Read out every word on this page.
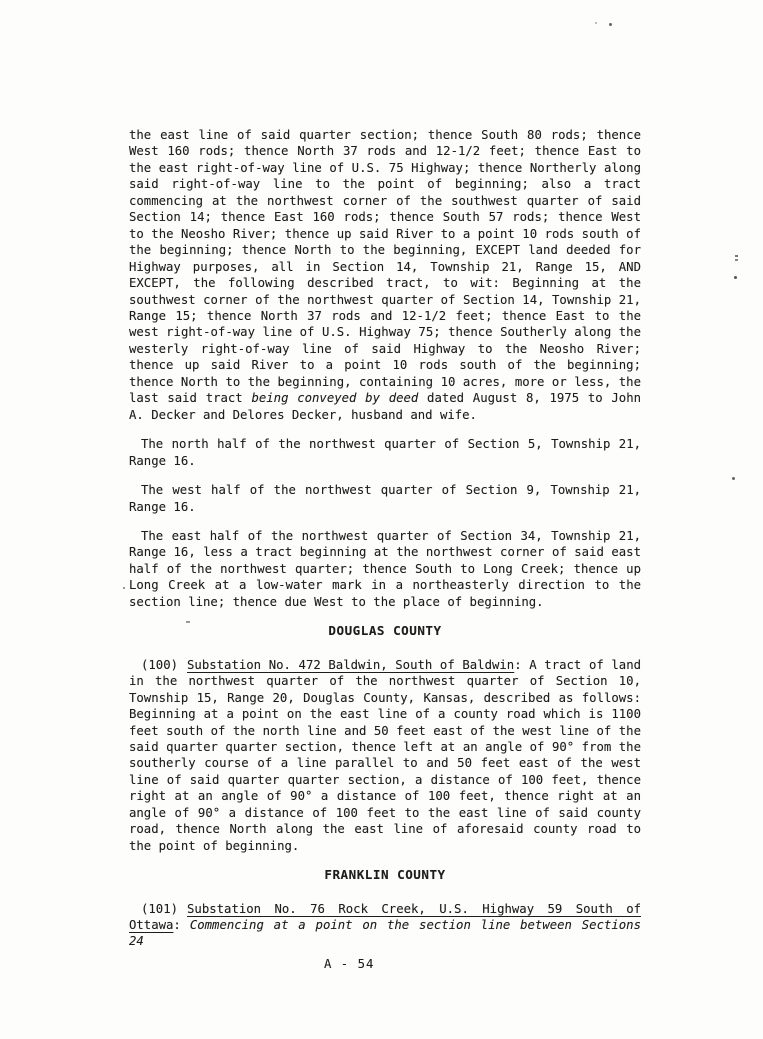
the east line of said quarter section; thence South 80 rods; thence West 160 rods; thence North 37 rods and 12-1/2 feet; thence East to the east right-of-way line of U.S. 75 Highway; thence Northerly along said right-of-way line to the point of beginning; also a tract commencing at the northwest corner of the southwest quarter of said Section 14; thence East 160 rods; thence South 57 rods; thence West to the Neosho River; thence up said River to a point 10 rods south of the beginning; thence North to the beginning, EXCEPT land deeded for Highway purposes, all in Section 14, Township 21, Range 15, AND EXCEPT, the following described tract, to wit: Beginning at the southwest corner of the northwest quarter of Section 14, Township 21, Range 15; thence North 37 rods and 12-1/2 feet; thence East to the west right-of-way line of U.S. Highway 75; thence Southerly along the westerly right-of-way line of said Highway to the Neosho River; thence up said River to a point 10 rods south of the beginning; thence North to the beginning, containing 10 acres, more or less, the last said tract being conveyed by deed dated August 8, 1975 to John A. Decker and Delores Decker, husband and wife.

The north half of the northwest quarter of Section 5, Township 21, Range 16.

The west half of the northwest quarter of Section 9, Township 21, Range 16.

The east half of the northwest quarter of Section 34, Township 21, Range 16, less a tract beginning at the northwest corner of said east half of the northwest quarter; thence South to Long Creek; thence up Long Creek at a low-water mark in a northeasterly direction to the section line; thence due West to the place of beginning.

DOUGLAS COUNTY

(100) Substation No. 472 Baldwin, South of Baldwin: A tract of land in the northwest quarter of the northwest quarter of Section 10, Township 15, Range 20, Douglas County, Kansas, described as follows: Beginning at a point on the east line of a county road which is 1100 feet south of the north line and 50 feet east of the west line of the said quarter quarter section, thence left at an angle of 90° from the southerly course of a line parallel to and 50 feet east of the west line of said quarter quarter section, a distance of 100 feet, thence right at an angle of 90° a distance of 100 feet, thence right at an angle of 90° a distance of 100 feet to the east line of said county road, thence North along the east line of aforesaid county road to the point of beginning.

FRANKLIN COUNTY

(101) Substation No. 76 Rock Creek, U.S. Highway 59 South of Ottawa: Commencing at a point on the section line between Sections 24

A - 54
